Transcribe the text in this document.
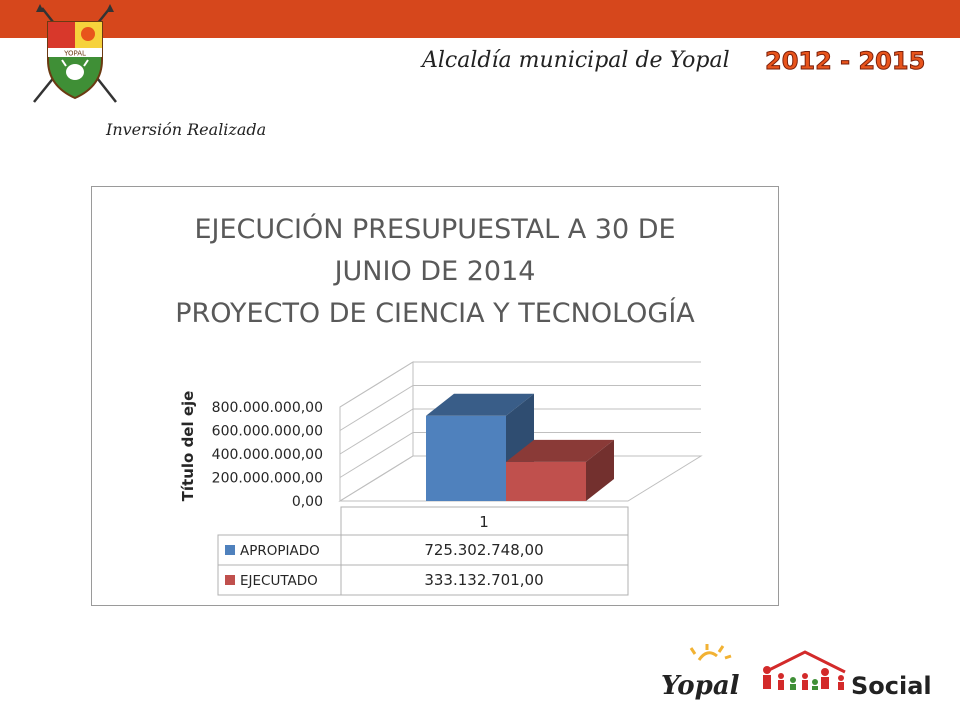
YOPAL	Alcaldía municipal de Yopal 2012 - 2015
Inversión Realizada
EJECUCIÓN PRESUPUESTAL A 30 DE
JUNIO DE 2014
PROYECTO DE CIENCIA Y TECNOLOGÍA
0,00
200.000.000,00
400.000.000,00
600.000.000,00
800.000.000,00
Título del eje
1
APROPIADO	725.302.748,00
EJECUTADO	333.132.701,00
Yopal	Social
